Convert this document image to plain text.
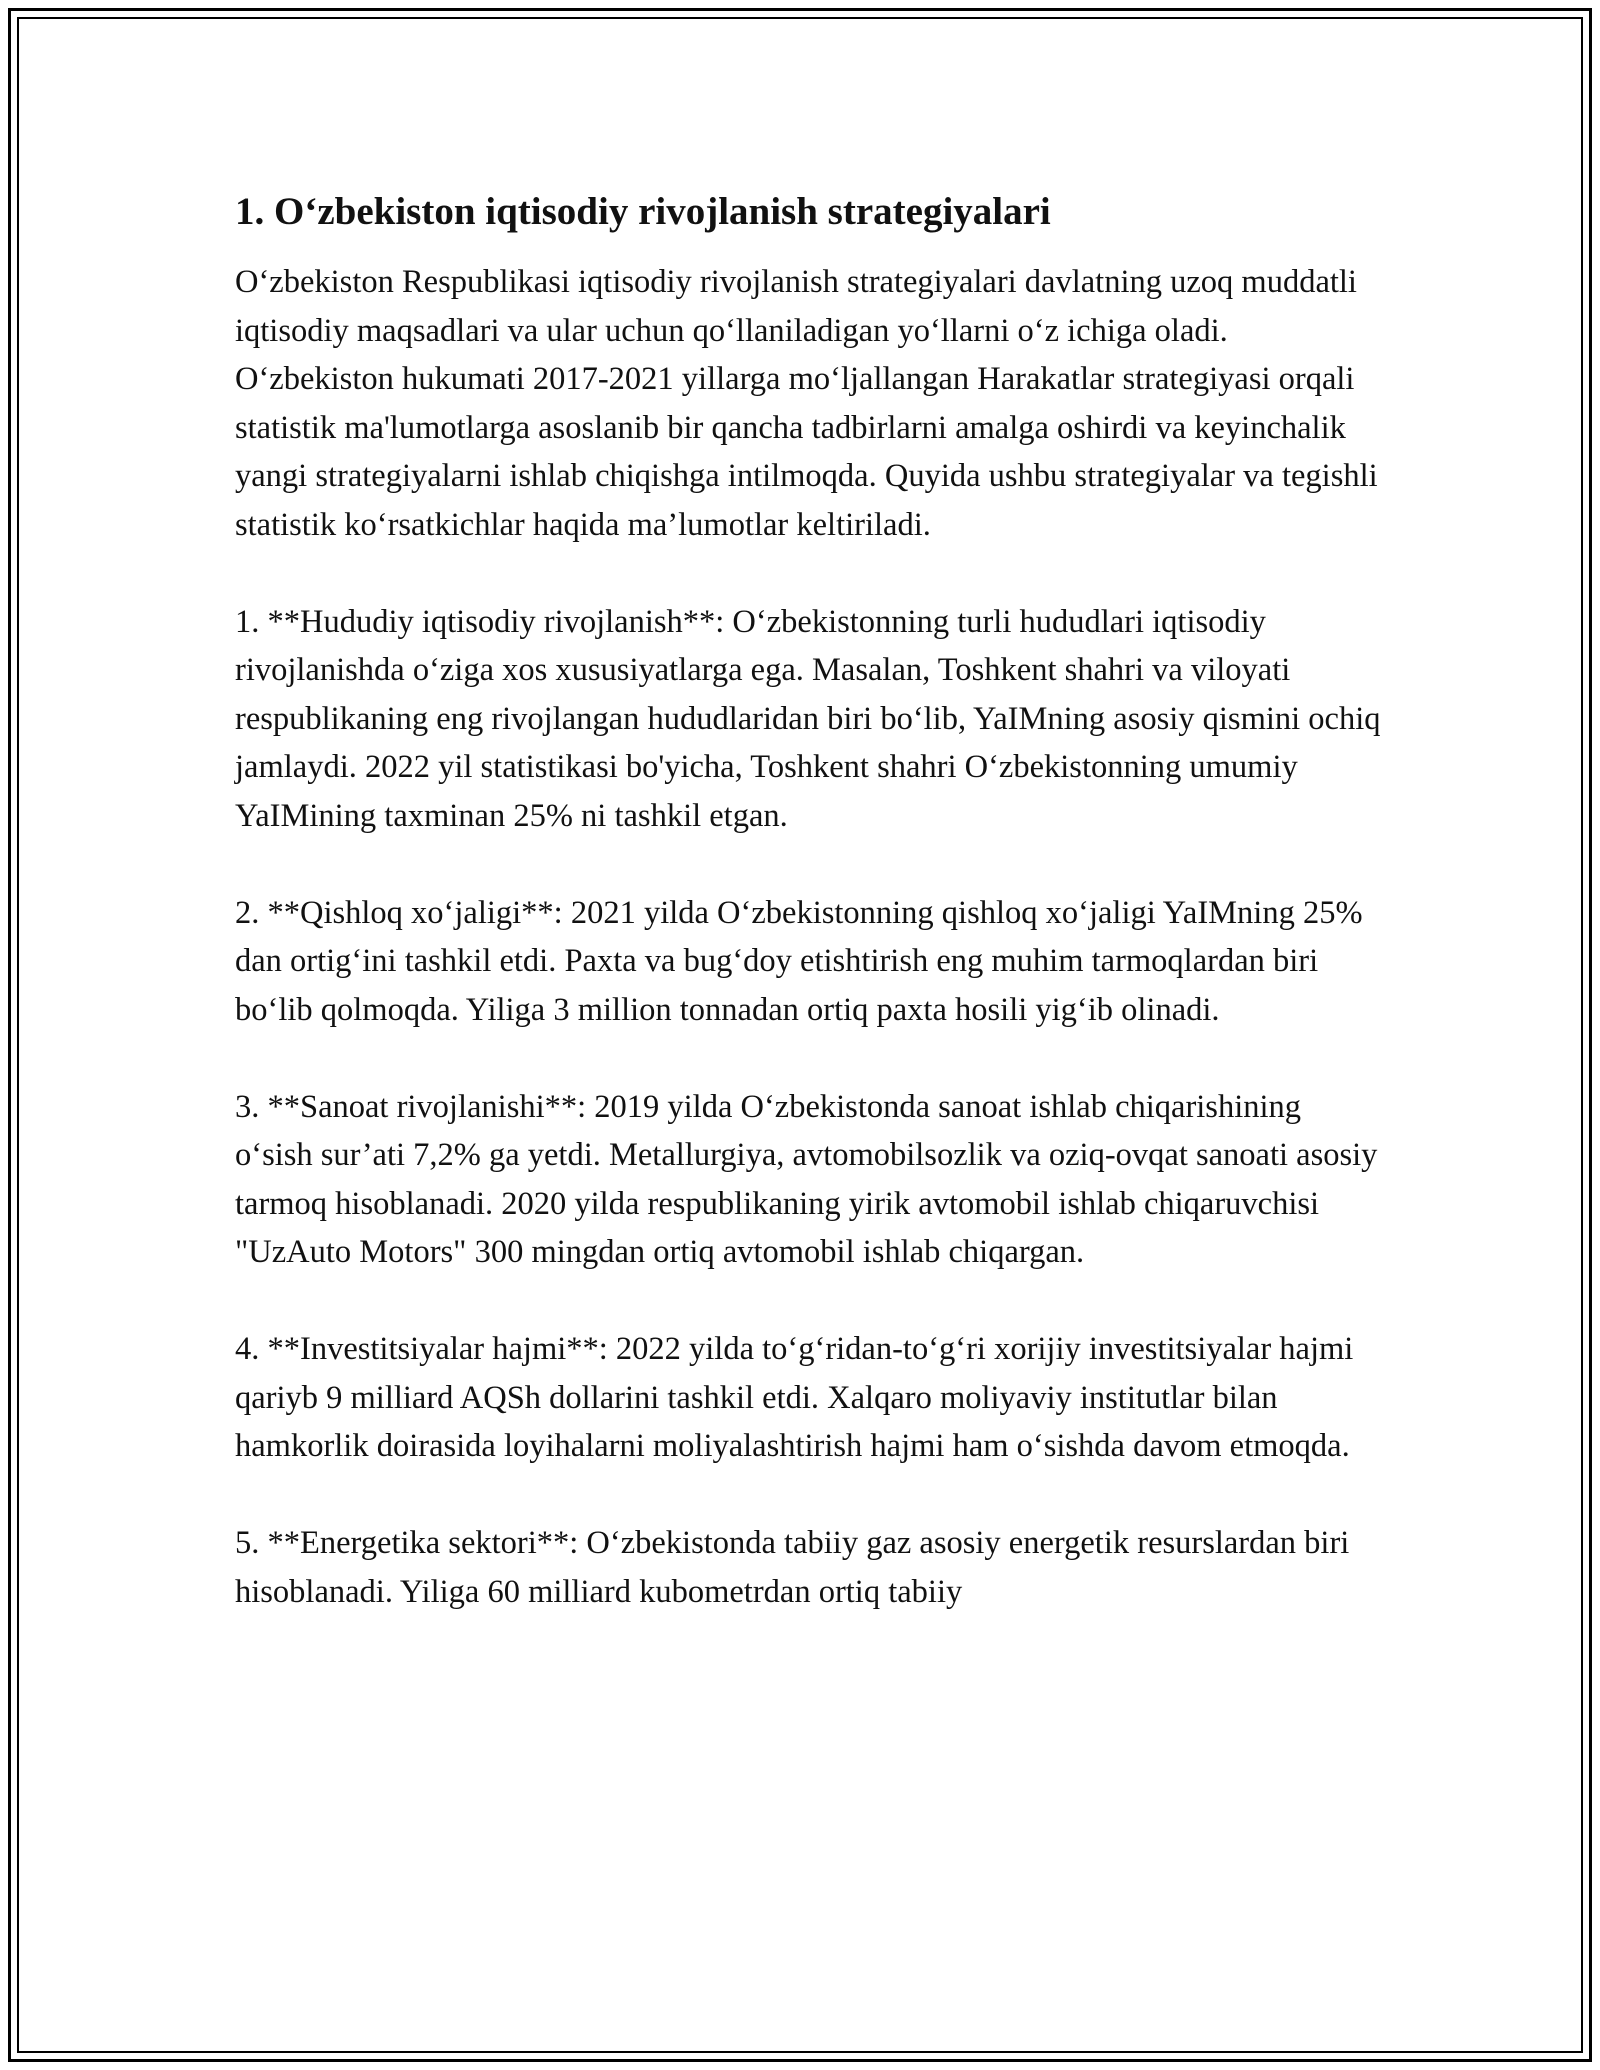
1. O‘zbekiston iqtisodiy rivojlanish strategiyalari

O‘zbekiston Respublikasi iqtisodiy rivojlanish strategiyalari davlatning uzoq muddatli iqtisodiy maqsadlari va ular uchun qo‘llaniladigan yo‘llarni o‘z ichiga oladi. O‘zbekiston hukumati 2017-2021 yillarga mo‘ljallangan Harakatlar strategiyasi orqali statistik ma'lumotlarga asoslanib bir qancha tadbirlarni amalga oshirdi va keyinchalik yangi strategiyalarni ishlab chiqishga intilmoqda. Quyida ushbu strategiyalar va tegishli statistik ko‘rsatkichlar haqida ma’lumotlar keltiriladi.

1. **Hududiy iqtisodiy rivojlanish**: O‘zbekistonning turli hududlari iqtisodiy rivojlanishda o‘ziga xos xususiyatlarga ega. Masalan, Toshkent shahri va viloyati respublikaning eng rivojlangan hududlaridan biri bo‘lib, YaIMning asosiy qismini ochiq jamlaydi. 2022 yil statistikasi bo'yicha, Toshkent shahri O‘zbekistonning umumiy YaIMining taxminan 25% ni tashkil etgan.

2. **Qishloq xo‘jaligi**: 2021 yilda O‘zbekistonning qishloq xo‘jaligi YaIMning 25% dan ortig‘ini tashkil etdi. Paxta va bug‘doy etishtirish eng muhim tarmoqlardan biri bo‘lib qolmoqda. Yiliga 3 million tonnadan ortiq paxta hosili yig‘ib olinadi.

3. **Sanoat rivojlanishi**: 2019 yilda O‘zbekistonda sanoat ishlab chiqarishining o‘sish sur’ati 7,2% ga yetdi. Metallurgiya, avtomobilsozlik va oziq-ovqat sanoati asosiy tarmoq hisoblanadi. 2020 yilda respublikaning yirik avtomobil ishlab chiqaruvchisi "UzAuto Motors" 300 mingdan ortiq avtomobil ishlab chiqargan.

4. **Investitsiyalar hajmi**: 2022 yilda to‘g‘ridan-to‘g‘ri xorijiy investitsiyalar hajmi qariyb 9 milliard AQSh dollarini tashkil etdi. Xalqaro moliyaviy institutlar bilan hamkorlik doirasida loyihalarni moliyalashtirish hajmi ham o‘sishda davom etmoqda.

5. **Energetika sektori**: O‘zbekistonda tabiiy gaz asosiy energetik resurslardan biri hisoblanadi. Yiliga 60 milliard kubometrdan ortiq tabiiy
